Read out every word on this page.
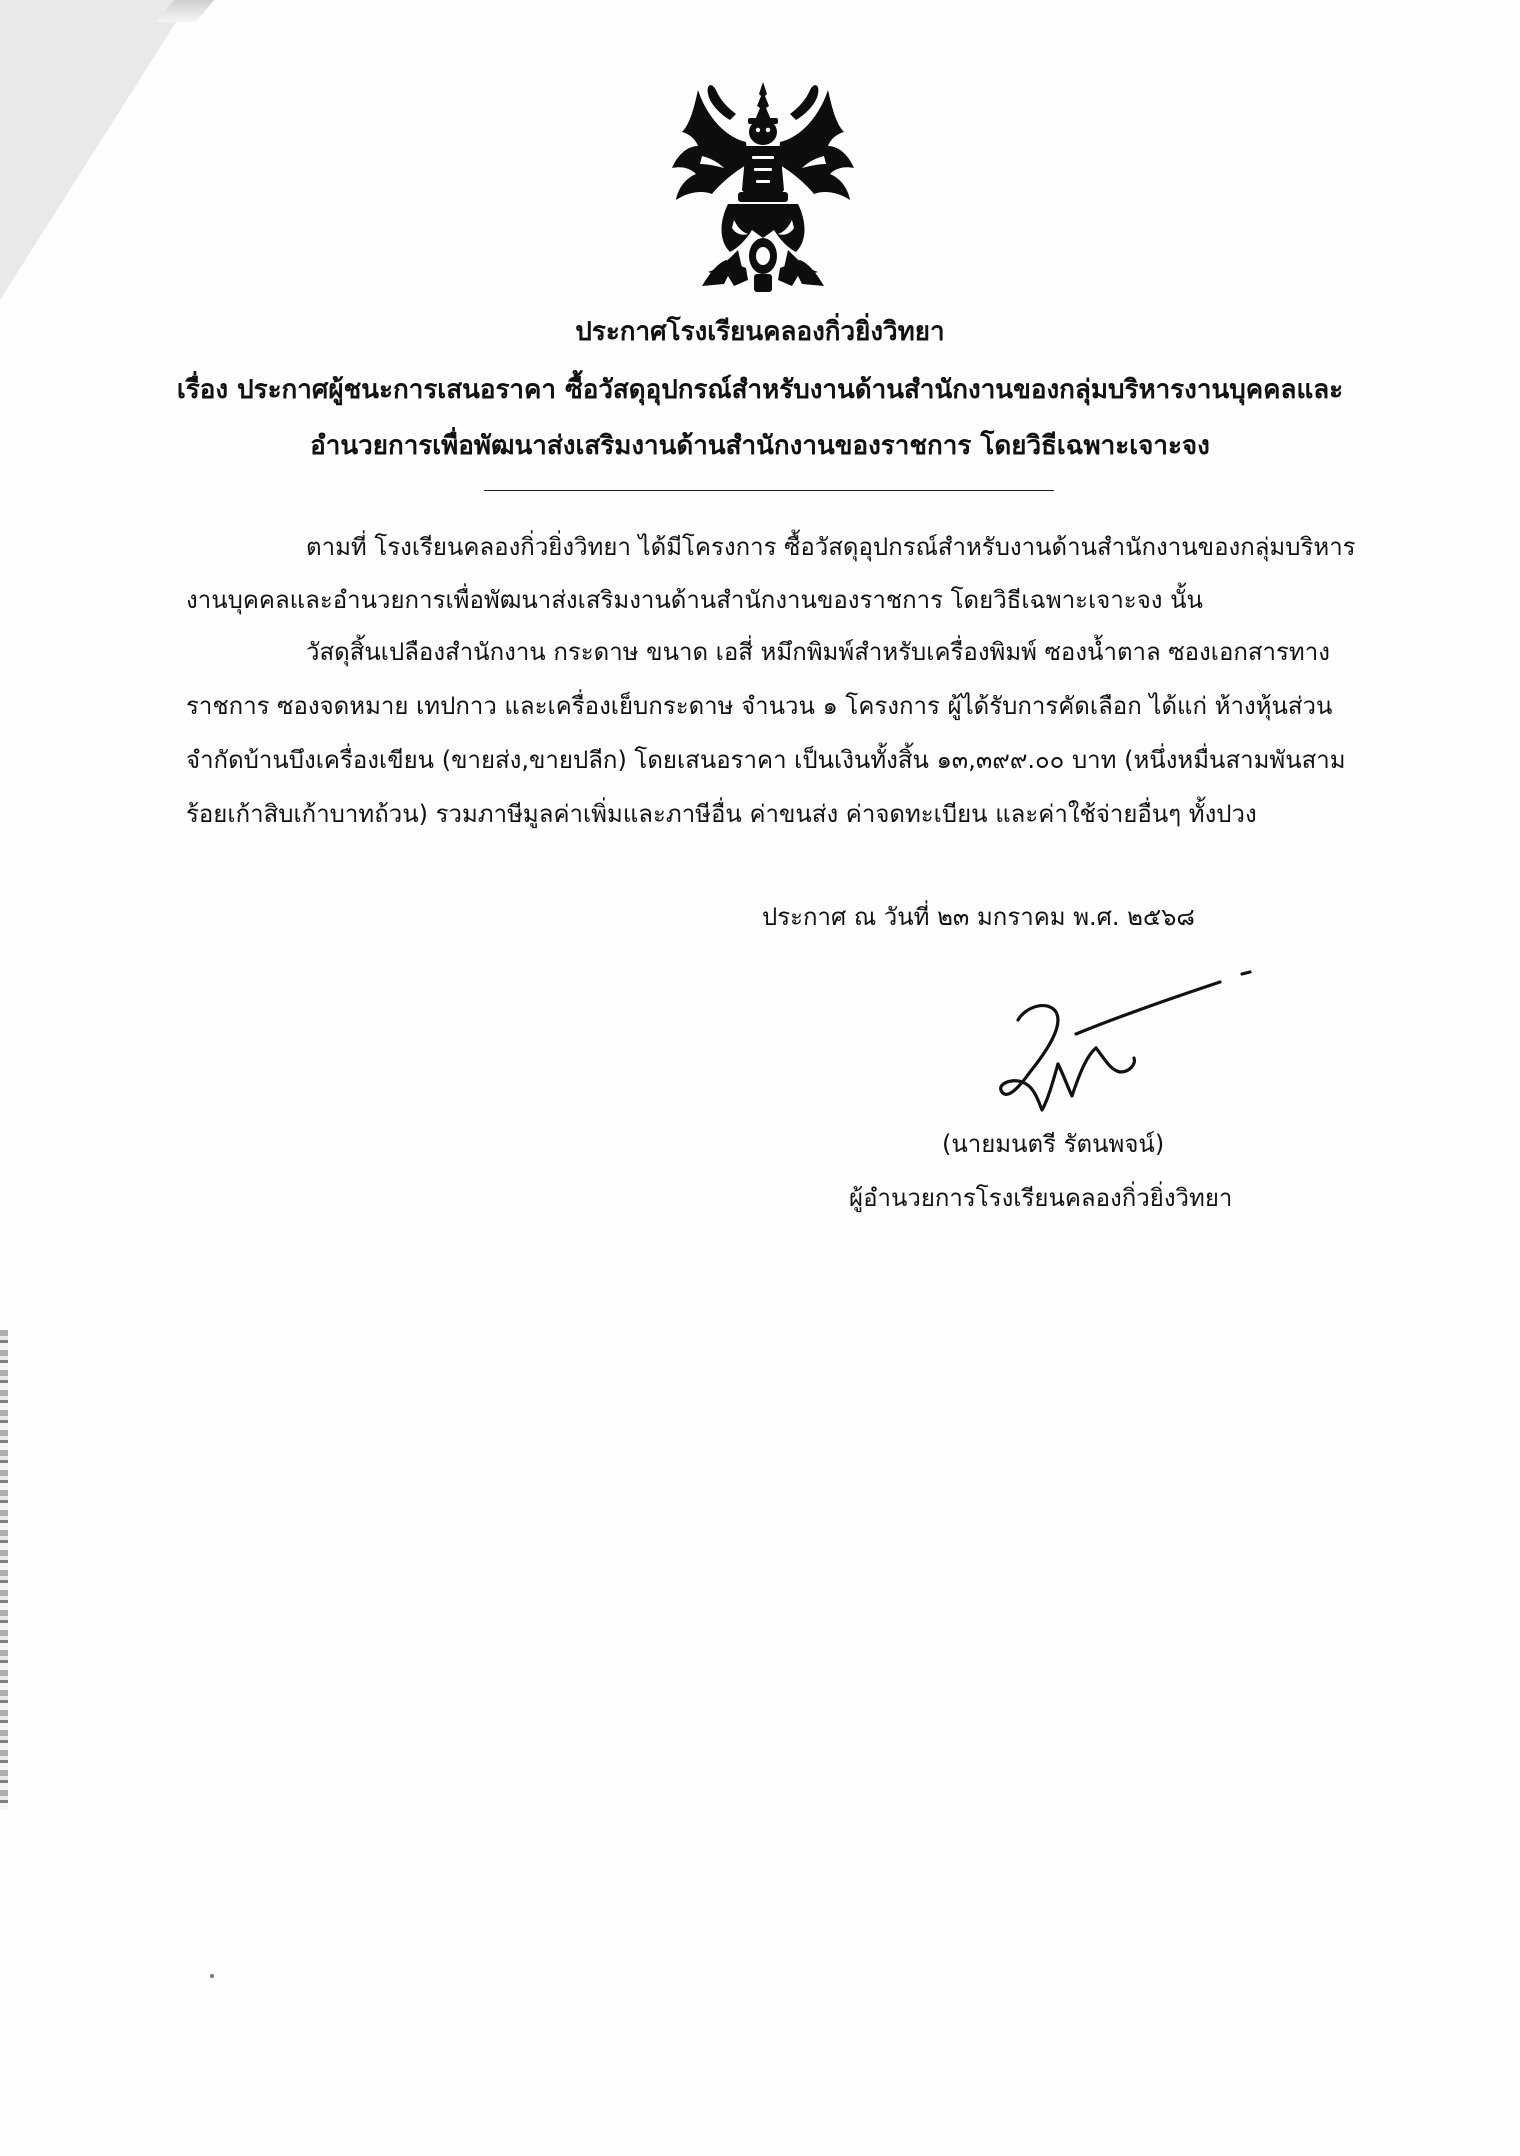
ประกาศโรงเรียนคลองกิ่วยิ่งวิทยา
เรื่อง ประกาศผู้ชนะการเสนอราคา ซื้อวัสดุอุปกรณ์สำหรับงานด้านสำนักงานของกลุ่มบริหารงานบุคคลและ
อำนวยการเพื่อพัฒนาส่งเสริมงานด้านสำนักงานของราชการ โดยวิธีเฉพาะเจาะจง
ตามที่ โรงเรียนคลองกิ่วยิ่งวิทยา ได้มีโครงการ ซื้อวัสดุอุปกรณ์สำหรับงานด้านสำนักงานของกลุ่มบริหาร
งานบุคคลและอำนวยการเพื่อพัฒนาส่งเสริมงานด้านสำนักงานของราชการ โดยวิธีเฉพาะเจาะจง นั้น
วัสดุสิ้นเปลืองสำนักงาน กระดาษ ขนาด เอสี่ หมึกพิมพ์สำหรับเครื่องพิมพ์ ซองน้ำตาล ซองเอกสารทาง
ราชการ ซองจดหมาย เทปกาว และเครื่องเย็บกระดาษ จำนวน ๑ โครงการ ผู้ได้รับการคัดเลือก ได้แก่ ห้างหุ้นส่วน
จำกัดบ้านบึงเครื่องเขียน (ขายส่ง,ขายปลีก) โดยเสนอราคา เป็นเงินทั้งสิ้น ๑๓,๓๙๙.๐๐ บาท (หนึ่งหมื่นสามพันสาม
ร้อยเก้าสิบเก้าบาทถ้วน) รวมภาษีมูลค่าเพิ่มและภาษีอื่น ค่าขนส่ง ค่าจดทะเบียน และค่าใช้จ่ายอื่นๆ ทั้งปวง
ประกาศ ณ วันที่ ๒๓ มกราคม พ.ศ. ๒๕๖๘
(นายมนตรี รัตนพจน์)
ผู้อำนวยการโรงเรียนคลองกิ่วยิ่งวิทยา
